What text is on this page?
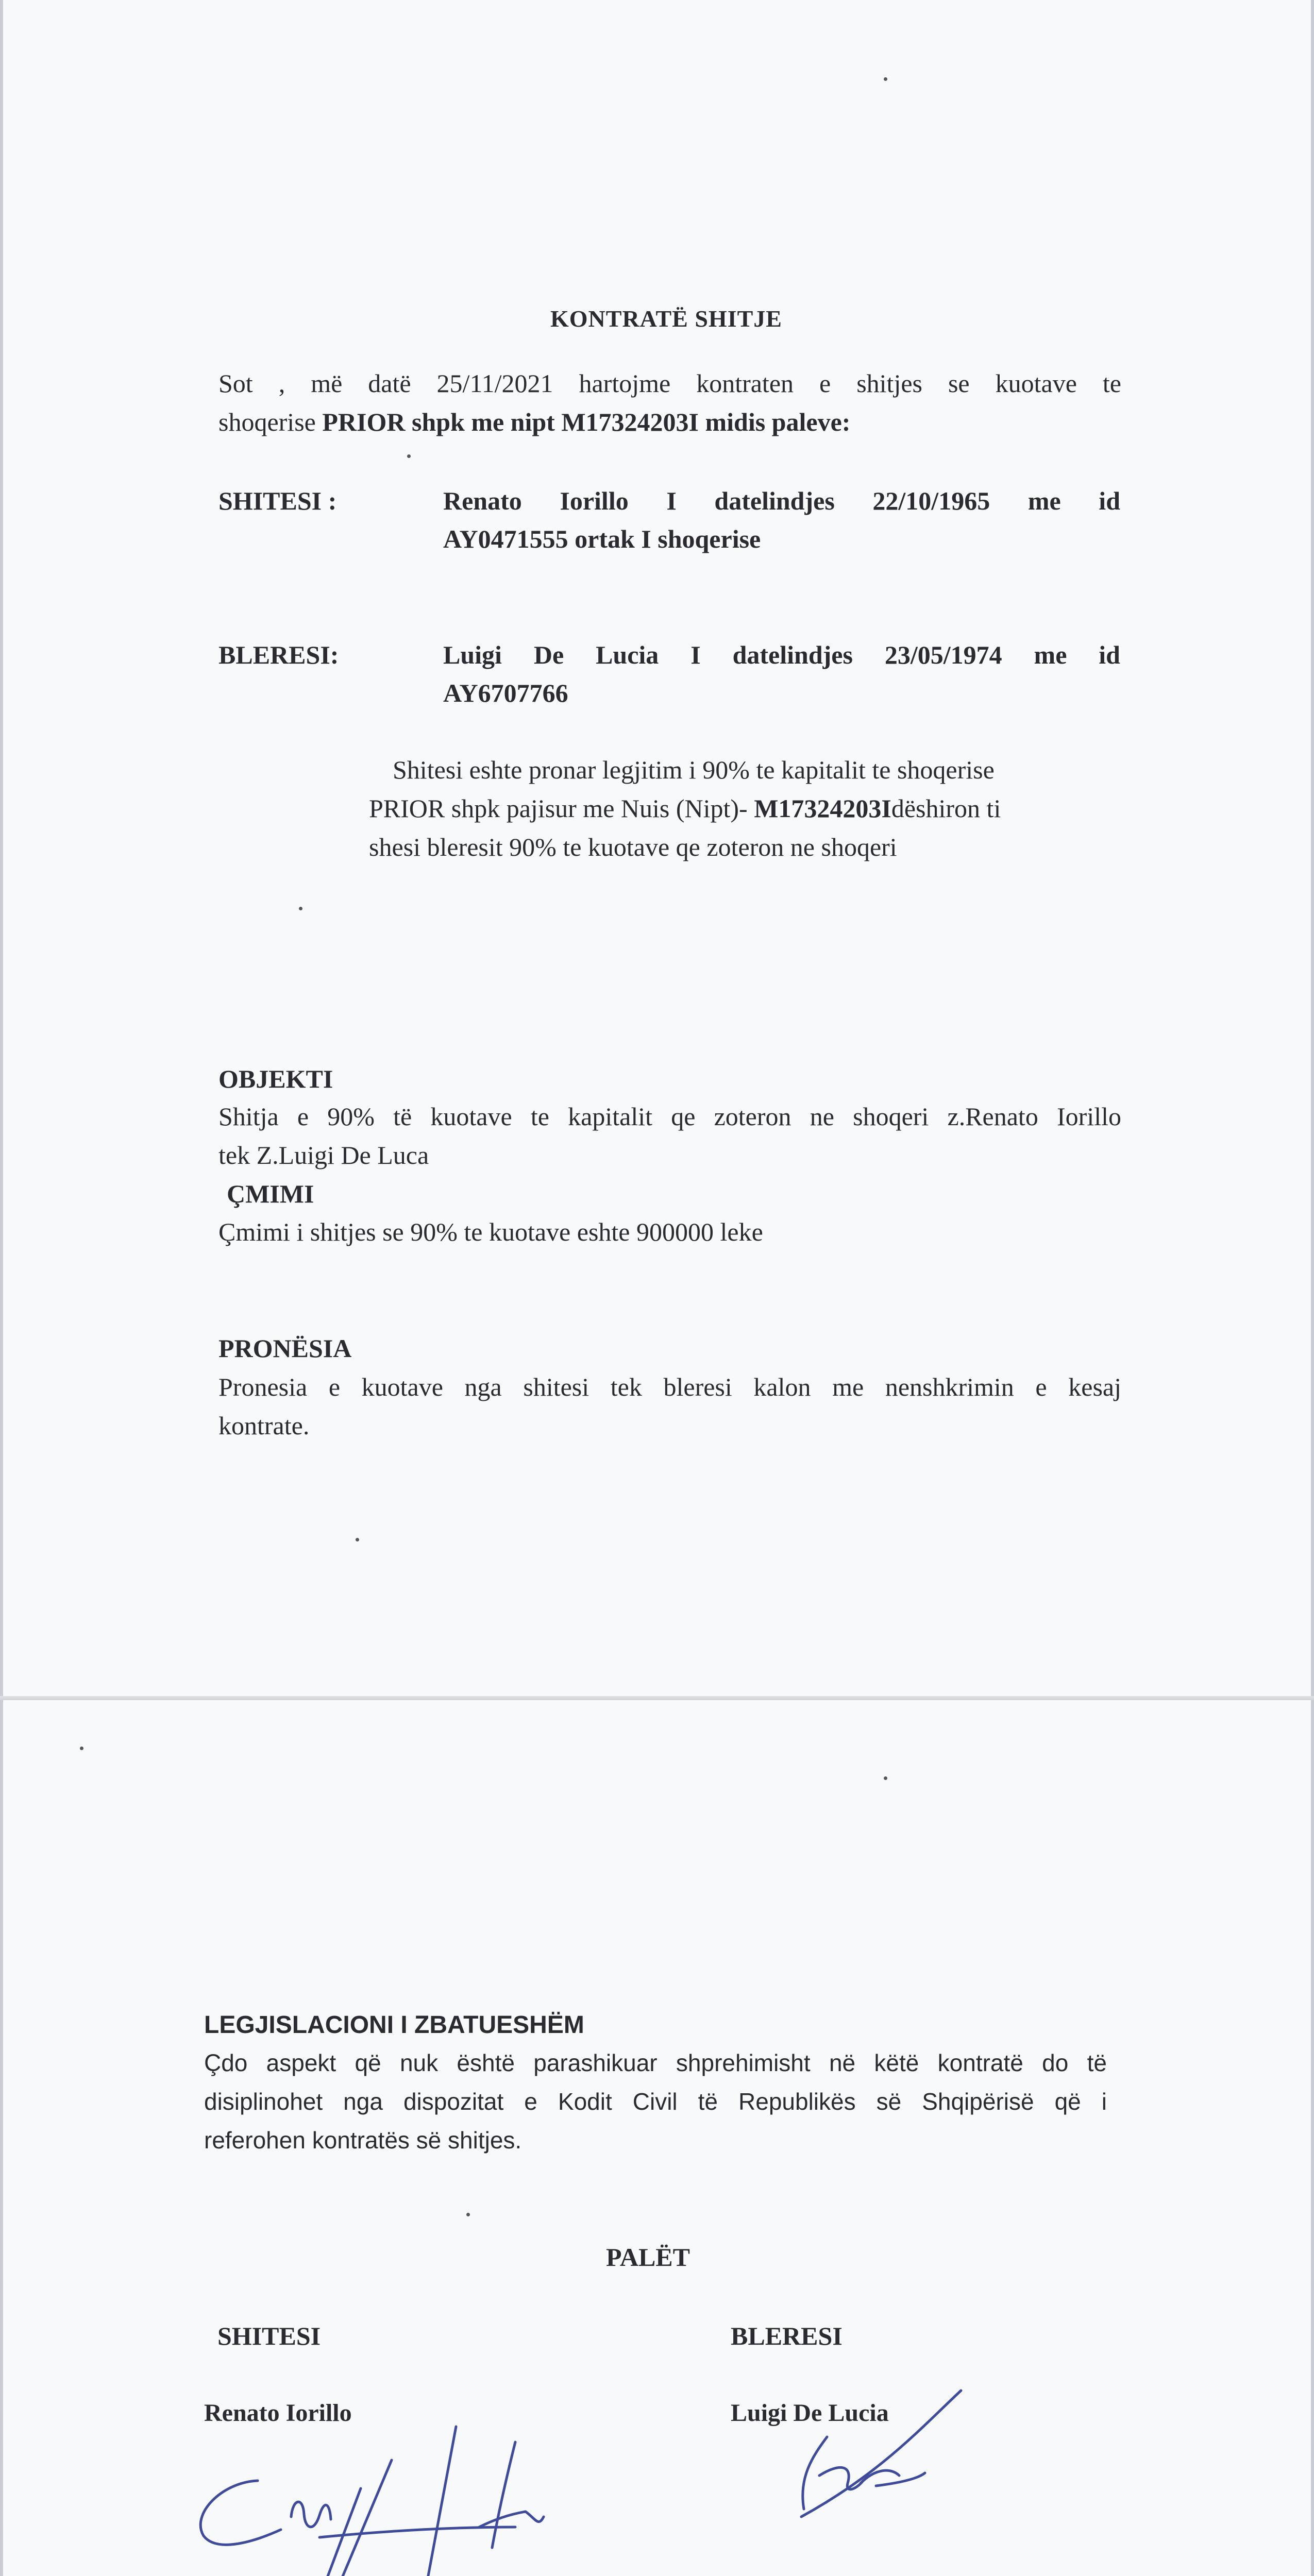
KONTRATË SHITJE
Sot , më datë 25/11/2021 hartojme kontraten e shitjes se kuotave te
shoqerise PRIOR shpk me nipt M17324203I midis paleve:
SHITESI :	Renato Iorillo I datelindjes 22/10/1965 me id
AY0471555 ortak I shoqerise
BLERESI:	Luigi De Lucia I datelindjes 23/05/1974 me id
AY6707766
Shitesi eshte pronar legjitim i 90% te kapitalit te shoqerise
PRIOR shpk pajisur me Nuis (Nipt)- M17324203Idëshiron ti
shesi bleresit 90% te kuotave qe zoteron ne shoqeri
OBJEKTI
Shitja e 90% të kuotave te kapitalit qe zoteron ne shoqeri z.Renato Iorillo
tek Z.Luigi De Luca
ÇMIMI
Çmimi i shitjes se 90% te kuotave eshte 900000 leke
PRONËSIA
Pronesia e kuotave nga shitesi tek bleresi kalon me nenshkrimin e kesaj
kontrate.
LEGJISLACIONI I ZBATUESHËM
Çdo aspekt që nuk është parashikuar shprehimisht në këtë kontratë do të
disiplinohet nga dispozitat e Kodit Civil të Republikës së Shqipërisë që i
referohen kontratës së shitjes.
PALËT
SHITESI	BLERESI
Renato Iorillo	Luigi De Lucia
